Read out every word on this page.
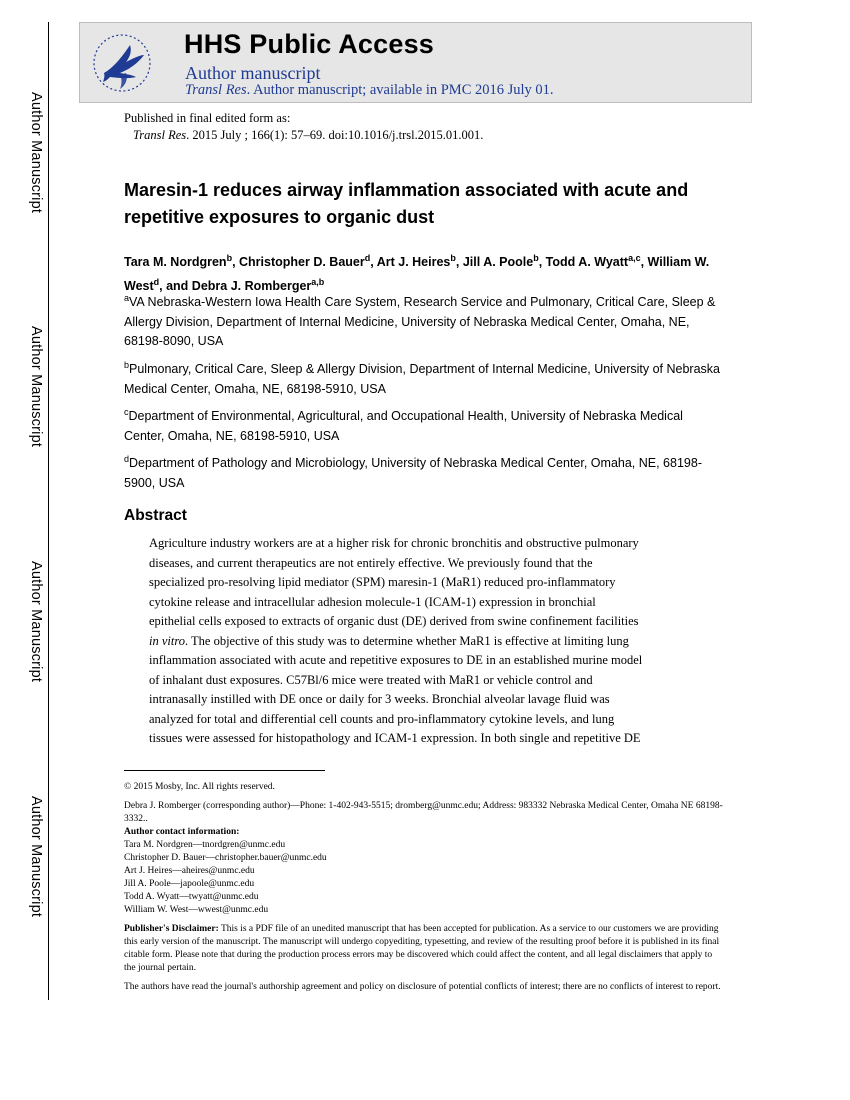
Author Manuscript
Author Manuscript
Author Manuscript
Author Manuscript
HHS Public Access
Author manuscript
Transl Res. Author manuscript; available in PMC 2016 July 01.
Published in final edited form as:
Transl Res. 2015 July ; 166(1): 57–69. doi:10.1016/j.trsl.2015.01.001.
Maresin-1 reduces airway inflammation associated with acute and repetitive exposures to organic dust
Tara M. Nordgren$^b$, Christopher D. Bauer$^d$, Art J. Heires$^b$, Jill A. Poole$^b$, Todd A. Wyatt$^{a,c}$, William W. West$^d$, and Debra J. Romberger$^{a,b}$
$^a$VA Nebraska-Western Iowa Health Care System, Research Service and Pulmonary, Critical Care, Sleep & Allergy Division, Department of Internal Medicine, University of Nebraska Medical Center, Omaha, NE, 68198-8090, USA
$^b$Pulmonary, Critical Care, Sleep & Allergy Division, Department of Internal Medicine, University of Nebraska Medical Center, Omaha, NE, 68198-5910, USA
$^c$Department of Environmental, Agricultural, and Occupational Health, University of Nebraska Medical Center, Omaha, NE, 68198-5910, USA
$^d$Department of Pathology and Microbiology, University of Nebraska Medical Center, Omaha, NE, 68198-5900, USA
Abstract
Agriculture industry workers are at a higher risk for chronic bronchitis and obstructive pulmonary
diseases, and current therapeutics are not entirely effective. We previously found that the
specialized pro-resolving lipid mediator (SPM) maresin-1 (MaR1) reduced pro-inflammatory
cytokine release and intracellular adhesion molecule-1 (ICAM-1) expression in bronchial
epithelial cells exposed to extracts of organic dust (DE) derived from swine confinement facilities
in vitro. The objective of this study was to determine whether MaR1 is effective at limiting lung
inflammation associated with acute and repetitive exposures to DE in an established murine model
of inhalant dust exposures. C57Bl/6 mice were treated with MaR1 or vehicle control and
intranasally instilled with DE once or daily for 3 weeks. Bronchial alveolar lavage fluid was
analyzed for total and differential cell counts and pro-inflammatory cytokine levels, and lung
tissues were assessed for histopathology and ICAM-1 expression. In both single and repetitive DE

© 2015 Mosby, Inc. All rights reserved.

Debra J. Romberger (corresponding author)—Phone: 1-402-943-5515; dromberg@unmc.edu; Address: 983332 Nebraska Medical Center, Omaha NE 68198-3332..

Author contact information:

Tara M. Nordgren—tnordgren@unmc.edu

Christopher D. Bauer—christopher.bauer@unmc.edu

Art J. Heires—aheires@unmc.edu

Jill A. Poole—japoole@unmc.edu

Todd A. Wyatt—twyatt@unmc.edu

William W. West—wwest@unmc.edu

Publisher's Disclaimer: This is a PDF file of an unedited manuscript that has been accepted for publication. As a service to our customers we are providing this early version of the manuscript. The manuscript will undergo copyediting, typesetting, and review of the resulting proof before it is published in its final citable form. Please note that during the production process errors may be discovered which could affect the content, and all legal disclaimers that apply to the journal pertain.

The authors have read the journal's authorship agreement and policy on disclosure of potential conflicts of interest; there are no conflicts of interest to report.
